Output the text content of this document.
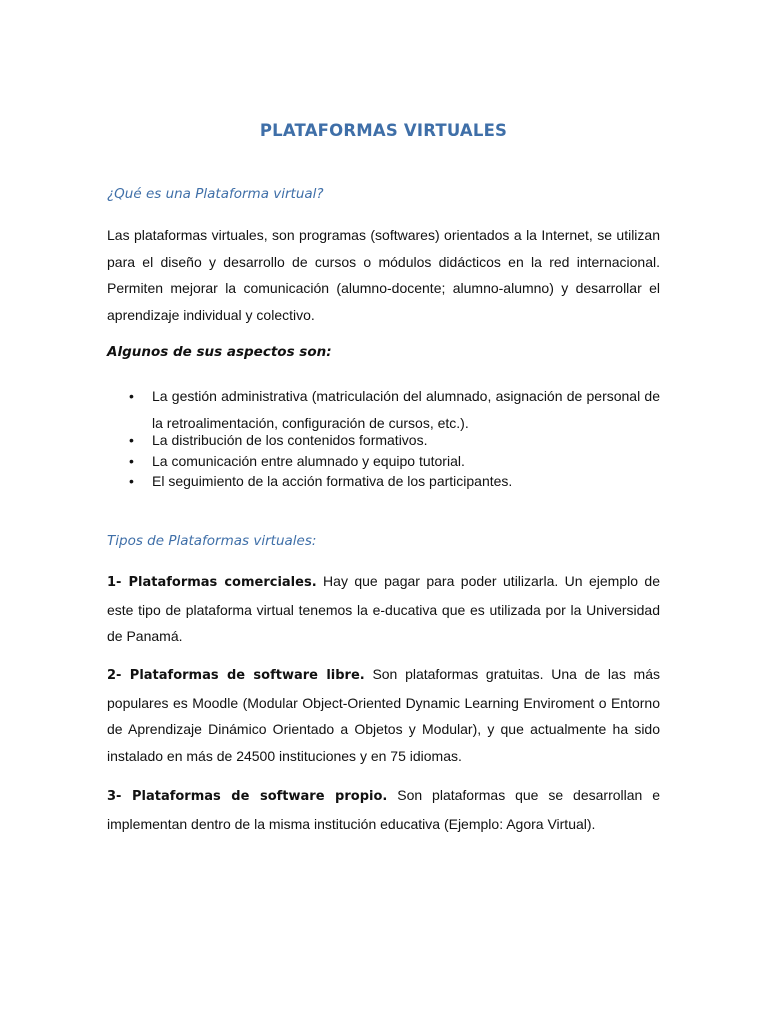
PLATAFORMAS VIRTUALES
¿Qué es una Plataforma virtual?

Las plataformas virtuales, son programas (softwares) orientados a la Internet, se utilizan para el diseño y desarrollo de cursos o módulos didácticos en la red internacional. Permiten mejorar la comunicación (alumno-docente; alumno-alumno) y desarrollar el aprendizaje individual y colectivo.

Algunos de sus aspectos son:
• La gestión administrativa (matriculación del alumnado, asignación de personal de la retroalimentación, configuración de cursos, etc.).
• La distribución de los contenidos formativos.
• La comunicación entre alumnado y equipo tutorial.
• El seguimiento de la acción formativa de los participantes.
Tipos de Plataformas virtuales:

1- Plataformas comerciales. Hay que pagar para poder utilizarla. Un ejemplo de este tipo de plataforma virtual tenemos la e-ducativa que es utilizada por la Universidad de Panamá.

2- Plataformas de software libre. Son plataformas gratuitas. Una de las más populares es Moodle (Modular Object-Oriented Dynamic Learning Enviroment o Entorno de Aprendizaje Dinámico Orientado a Objetos y Modular), y que actualmente ha sido instalado en más de 24500 instituciones y en 75 idiomas.

3- Plataformas de software propio. Son plataformas que se desarrollan e implementan dentro de la misma institución educativa (Ejemplo: Agora Virtual).
